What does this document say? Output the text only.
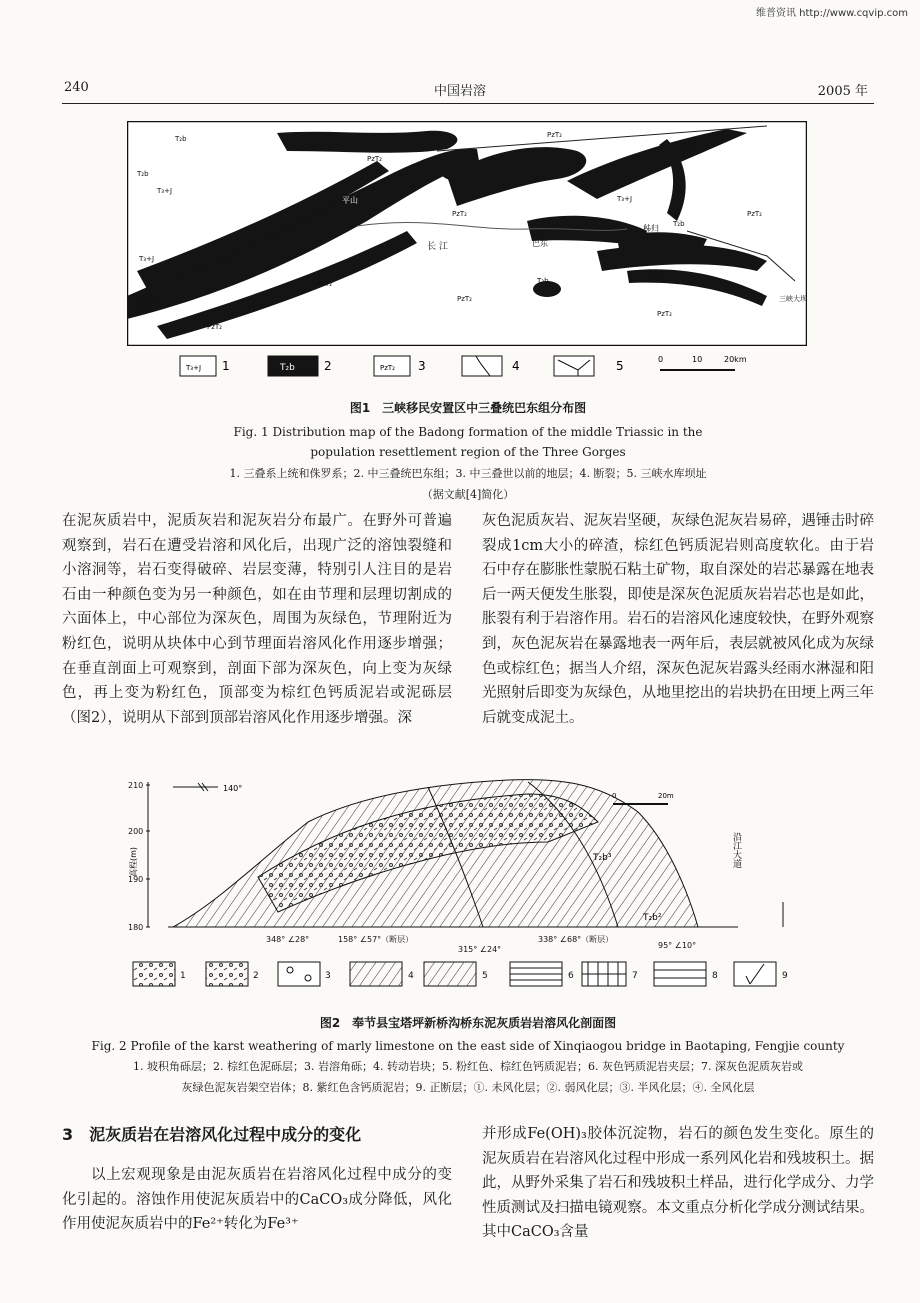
维普资讯 http://www.cqvip.com
240	中国岩溶	2005 年
T₂b
T₂b
T₃+J
T₃+J
PzT₂
PzT₂
PzT₂
PzT₂
PzT₂
PzT₂
PzT₂
PzT₂
PzT₂
T₃+J
T₃+J
T₂b
T₂b
长 江
平山
兴山
巴东
秭归
奉节
三峡大坝
T₃+J 1	T₂b 2	PzT₂ 3	4	5	0	10	20km
图1　三峡移民安置区中三叠统巴东组分布图
Fig. 1 Distribution map of the Badong formation of the middle Triassic in the
population resettlement region of the Three Gorges
1. 三叠系上统和侏罗系；2. 中三叠统巴东组；3. 中三叠世以前的地层；4. 断裂；5. 三峡水库坝址
（据文献[4]简化）

在泥灰质岩中，泥质灰岩和泥灰岩分布最广。在野外可普遍观察到，岩石在遭受岩溶和风化后，出现广泛的溶蚀裂缝和小溶洞等，岩石变得破碎、岩层变薄，特别引人注目的是岩石由一种颜色变为另一种颜色，如在由节理和层理切割成的六面体上，中心部位为深灰色，周围为灰绿色，节理附近为粉红色，说明从块体中心到节理面岩溶风化作用逐步增强；在垂直剖面上可观察到，剖面下部为深灰色，向上变为灰绿色，再上变为粉红色，顶部变为棕红色钙质泥岩或泥砾层（图2），说明从下部到顶部岩溶风化作用逐步增强。深

灰色泥质灰岩、泥灰岩坚硬，灰绿色泥灰岩易碎，遇锤击时碎裂成1cm大小的碎渣，棕红色钙质泥岩则高度软化。由于岩石中存在膨胀性蒙脱石粘土矿物，取自深处的岩芯暴露在地表后一两天便发生胀裂，即使是深灰色泥质灰岩岩芯也是如此，胀裂有利于岩溶作用。岩石的岩溶风化速度较快，在野外观察到，灰色泥灰岩在暴露地表一两年后，表层就被风化成为灰绿色或棕红色；据当人介绍，深灰色泥灰岩露头经雨水淋湿和阳光照射后即变为灰绿色，从地里挖出的岩块扔在田埂上两三年后就变成泥土。

210
200
190
180
高程(m)
140°
0	20m
沿江大道
T₂b³
T₂b²
348° ∠28°	158° ∠57°（断层）
315° ∠24°
338° ∠68°（断层）
95° ∠10°
1	2	3	4	5	6	7	8	9
图2　奉节县宝塔坪新桥沟桥东泥灰质岩岩溶风化剖面图
Fig. 2 Profile of the karst weathering of marly limestone on the east side of Xinqiaogou bridge in Baotaping, Fengjie county
1. 坡积角砾层；2. 棕红色泥砾层；3. 岩溶角砾；4. 转动岩块；5. 粉红色、棕红色钙质泥岩；6. 灰色钙质泥岩夹层；7. 深灰色泥质灰岩或
灰绿色泥灰岩架空岩体；8. 紫红色含钙质泥岩；9. 正断层；①. 未风化层；②. 弱风化层；③. 半风化层；④. 全风化层
3　泥灰质岩在岩溶风化过程中成分的变化

以上宏观现象是由泥灰质岩在岩溶风化过程中成分的变化引起的。溶蚀作用使泥灰质岩中的CaCO₃成分降低，风化作用使泥灰质岩中的Fe²⁺转化为Fe³⁺

并形成Fe(OH)₃胶体沉淀物，岩石的颜色发生变化。原生的泥灰质岩在岩溶风化过程中形成一系列风化岩和残坡积土。据此，从野外采集了岩石和残坡积土样品，进行化学成分、力学性质测试及扫描电镜观察。本文重点分析化学成分测试结果。其中CaCO₃含量
